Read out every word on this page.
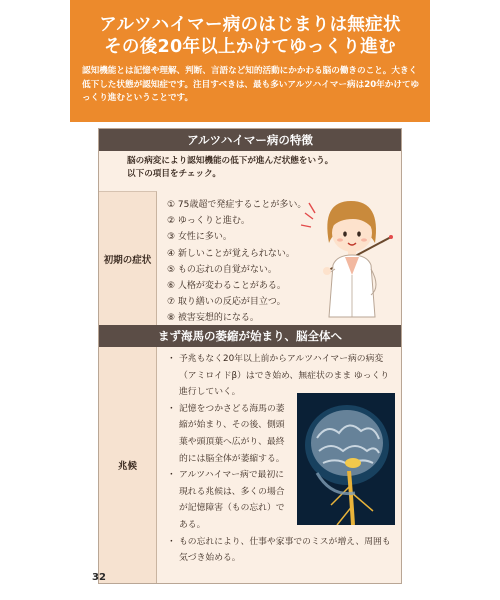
アルツハイマー病のはじまりは無症状
その後20年以上かけてゆっくり進む

認知機能とは記憶や理解、判断、言語など知的活動にかかわる脳の働きのこと。大きく低下した状態が認知症です。注目すべきは、最も多いアルツハイマー病は20年かけてゆっくり進むということです。

アルツハイマー病の特徴
脳の病変により認知機能の低下が進んだ状態をいう。
以下の項目をチェック。
初期の症状
① 75歳超で発症することが多い。
② ゆっくりと進む。
③ 女性に多い。
④ 新しいことが覚えられない。
⑤ もの忘れの自覚がない。
⑥ 人格が変わることがある。
⑦ 取り繕いの反応が目立つ。
⑧ 被害妄想的になる。
まず海馬の萎縮が始まり、脳全体へ
兆候
・ 予兆もなく20年以上前からアルツハイマー病の病変（アミロイドβ）はでき始め、無症状のまま ゆっくり進行していく。
・ 記憶をつかさどる海馬の萎縮が始まり、その後、側頭葉や頭頂葉へ広がり、最終的には脳全体が萎縮する。
・ アルツハイマー病で最初に現れる兆候は、多くの場合が記憶障害（もの忘れ）である。
・ もの忘れにより、仕事や家事でのミスが増え、周囲も気づき始める。
32
